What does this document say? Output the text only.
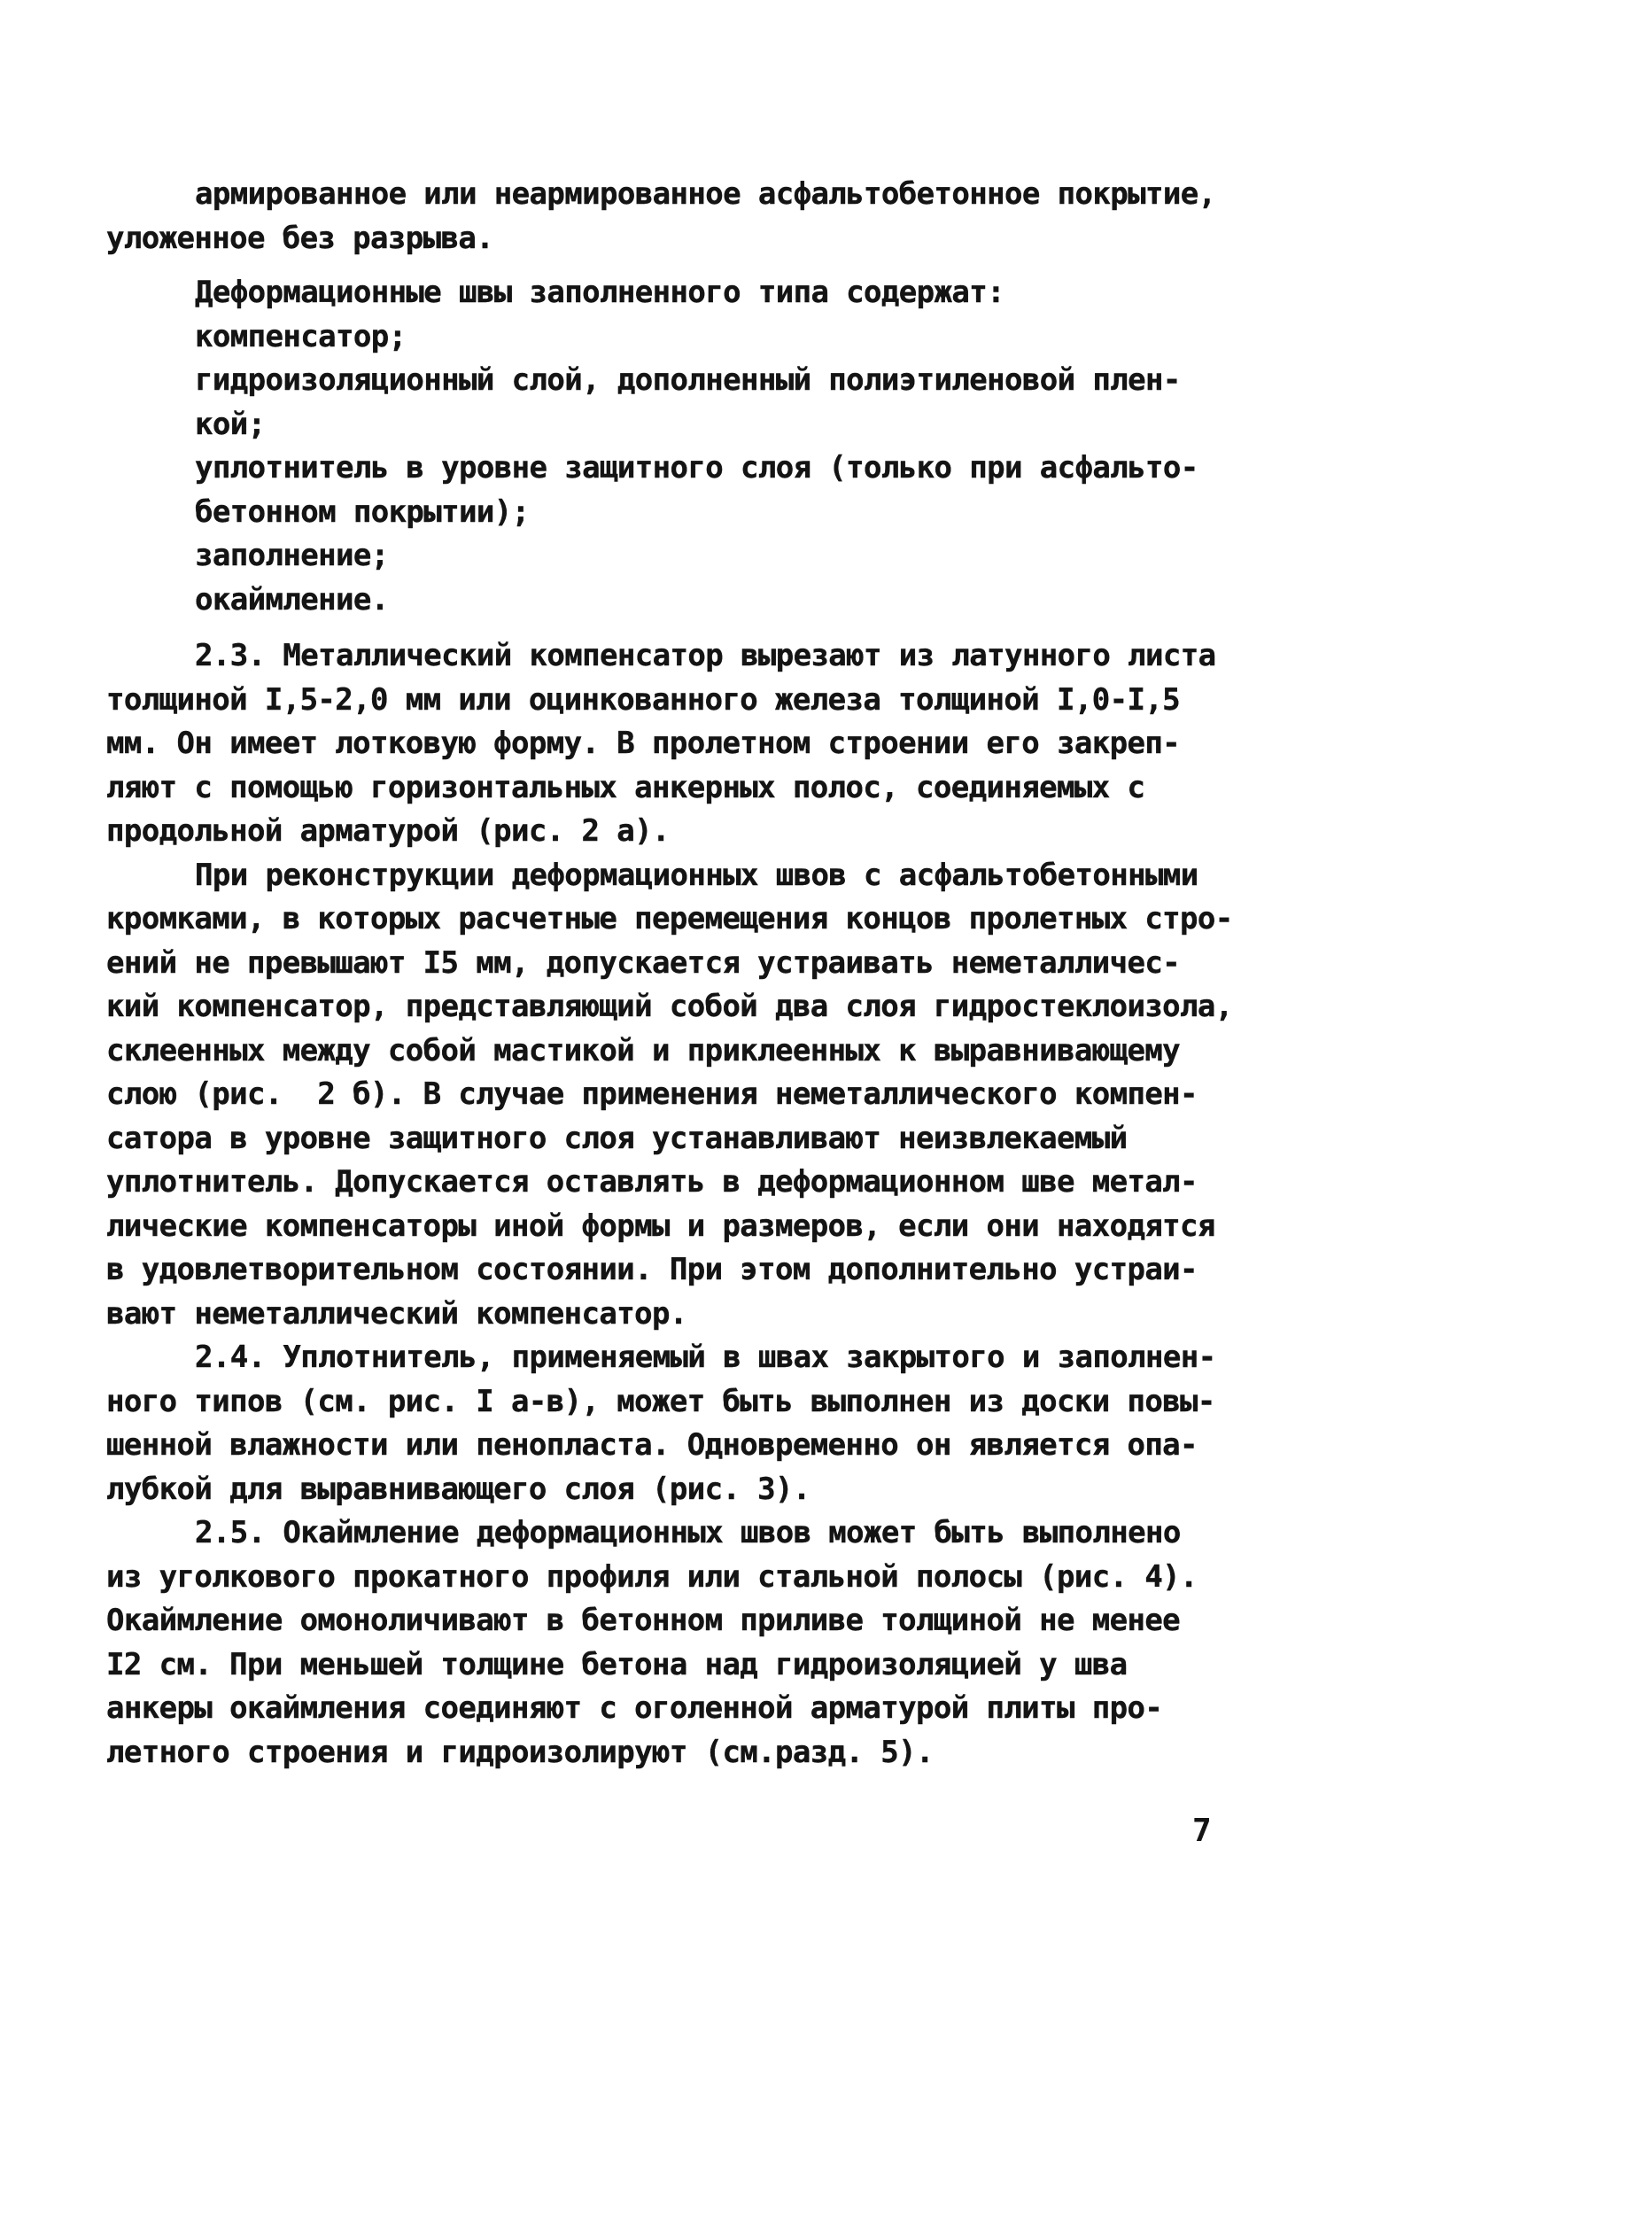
армированное или неармированное асфальтобетонное покрытие,
уложенное без разрыва.
Деформационные швы заполненного типа содержат:
компенсатор;
гидроизоляционный слой, дополненный полиэтиленовой плен-
кой;
уплотнитель в уровне защитного слоя (только при асфальто-
бетонном покрытии);
заполнение;
окаймление.
2.3. Металлический компенсатор вырезают из латунного листа
толщиной I,5-2,0 мм или оцинкованного железа толщиной I,0-I,5
мм. Он имеет лотковую форму. В пролетном строении его закреп-
ляют с помощью горизонтальных анкерных полос, соединяемых с
продольной арматурой (рис. 2 а).
При реконструкции деформационных швов с асфальтобетонными
кромками, в которых расчетные перемещения концов пролетных стро-
ений не превышают I5 мм, допускается устраивать неметалличес-
кий компенсатор, представляющий собой два слоя гидростеклоизола,
склеенных между собой мастикой и приклеенных к выравнивающему
слою (рис.  2 б). В случае применения неметаллического компен-
сатора в уровне защитного слоя устанавливают неизвлекаемый
уплотнитель. Допускается оставлять в деформационном шве метал-
лические компенсаторы иной формы и размеров, если они находятся
в удовлетворительном состоянии. При этом дополнительно устраи-
вают неметаллический компенсатор.
2.4. Уплотнитель, применяемый в швах закрытого и заполнен-
ного типов (см. рис. I а-в), может быть выполнен из доски повы-
шенной влажности или пенопласта. Одновременно он является опа-
лубкой для выравнивающего слоя (рис. 3).
2.5. Окаймление деформационных швов может быть выполнено
из уголкового прокатного профиля или стальной полосы (рис. 4).
Окаймление омоноличивают в бетонном приливе толщиной не менее
I2 см. При меньшей толщине бетона над гидроизоляцией у шва
анкеры окаймления соединяют с оголенной арматурой плиты про-
летного строения и гидроизолируют (см.разд. 5).
7
